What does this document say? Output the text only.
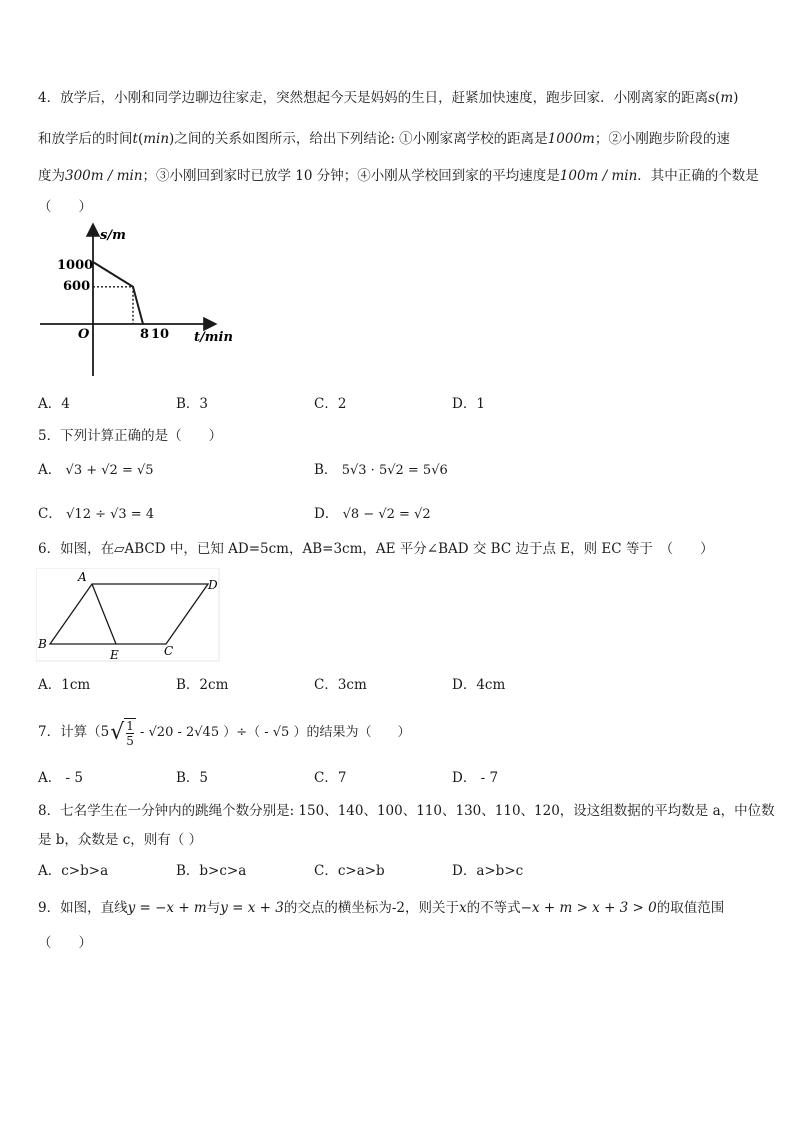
4．放学后，小刚和同学边聊边往家走，突然想起今天是妈妈的生日，赶紧加快速度，跑步回家．小刚离家的距离s(m)
和放学后的时间t(min)之间的关系如图所示，给出下列结论: ①小刚家离学校的距离是1000m；②小刚跑步阶段的速
度为300m / min；③小刚回到家时已放学 10 分钟；④小刚从学校回到家的平均速度是100m / min．其中正确的个数是
（　　）
s/m
t/min
O
1000
600
8 10
A．4	B．3	C．2	D．1
5．下列计算正确的是（　　）
A． √3 + √2 = √5	B． 5√3 · 5√2 = 5√6
C． √12 ÷ √3 = 4	D． √8 − √2 = √2
6．如图，在▱ABCD 中，已知 AD=5cm，AB=3cm，AE 平分∠BAD 交 BC 边于点 E，则 EC 等于　（　　）
A
D
B
E	C
A．1cm	B．2cm	C．3cm	D．4cm
7．计算（$5√ \frac{1}{5} - √20 - 2√45$ ）÷（ - √5 ）的结果为（　　）
A． - 5	B．5	C．7	D． - 7
8．七名学生在一分钟内的跳绳个数分别是: 150、140、100、110、130、110、120，设这组数据的平均数是 a，中位数
是 b，众数是 c，则有（ ）
A．c>b>a	B．b>c>a	C．c>a>b	D．a>b>c
9．如图，直线y = −x + m与y = x + 3的交点的横坐标为-2，则关于x的不等式−x + m > x + 3 > 0的取值范围
（　　）
